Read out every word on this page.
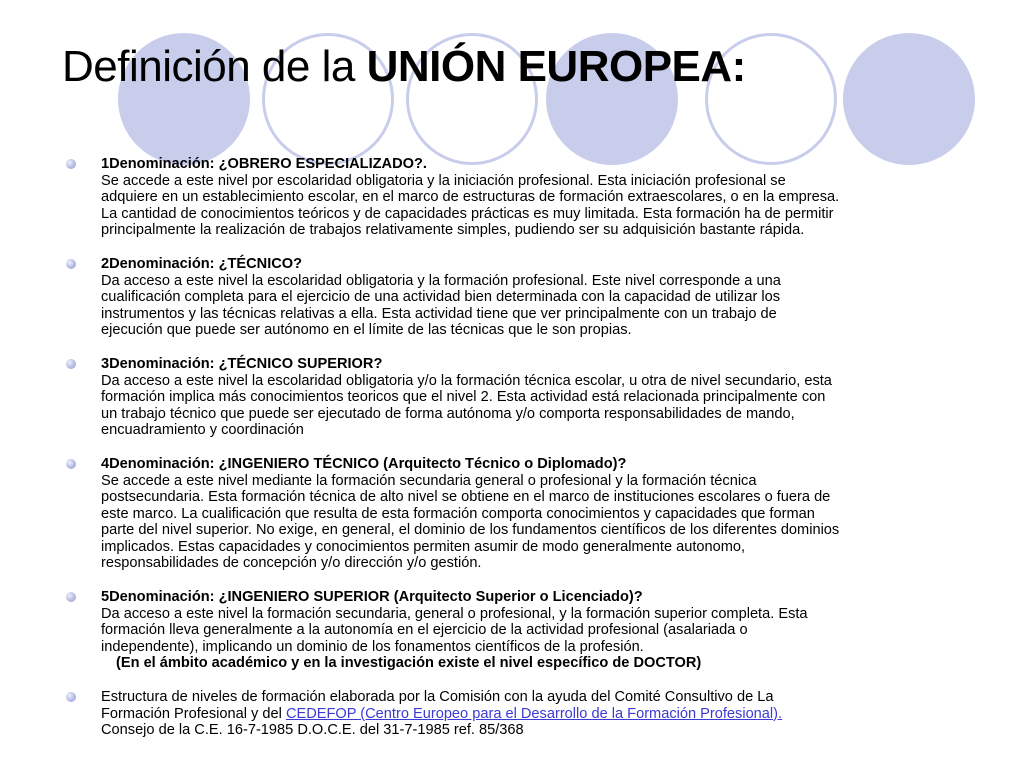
Definición de la UNIÓN EUROPEA:
1Denominación: ¿OBRERO ESPECIALIZADO?.
Se accede a este nivel por escolaridad obligatoria y la iniciación profesional. Esta iniciación profesional se
adquiere en un establecimiento escolar, en el marco de estructuras de formación extraescolares, o en la empresa.
La cantidad de conocimientos teóricos y de capacidades prácticas es muy limitada. Esta formación ha de permitir
principalmente la realización de trabajos relativamente simples, pudiendo ser su adquisición bastante rápida.
2Denominación: ¿TÉCNICO?
Da acceso a este nivel la escolaridad obligatoria y la formación profesional. Este nivel corresponde a una
cualificación completa para el ejercicio de una actividad bien determinada con la capacidad de utilizar los
instrumentos y las técnicas relativas a ella. Esta actividad tiene que ver principalmente con un trabajo de
ejecución que puede ser autónomo en el límite de las técnicas que le son propias.
3Denominación: ¿TÉCNICO SUPERIOR?
Da acceso a este nivel la escolaridad obligatoria y/o la formación técnica escolar, u otra de nivel secundario, esta
formación implica más conocimientos teoricos que el nivel 2. Esta actividad está relacionada principalmente con
un trabajo técnico que puede ser ejecutado de forma autónoma y/o comporta responsabilidades de mando,
encuadramiento y coordinación
4Denominación: ¿INGENIERO TÉCNICO (Arquitecto Técnico o Diplomado)?
Se accede a este nivel mediante la formación secundaria general o profesional y la formación técnica
postsecundaria. Esta formación técnica de alto nivel se obtiene en el marco de instituciones escolares o fuera de
este marco. La cualificación que resulta de esta formación comporta conocimientos y capacidades que forman
parte del nivel superior. No exige, en general, el dominio de los fundamentos científicos de los diferentes dominios
implicados. Estas capacidades y conocimientos permiten asumir de modo generalmente autonomo,
responsabilidades de concepción y/o dirección y/o gestión.
5Denominación: ¿INGENIERO SUPERIOR (Arquitecto Superior o Licenciado)?
Da acceso a este nivel la formación secundaria, general o profesional, y la formación superior completa. Esta
formación lleva generalmente a la autonomía en el ejercicio de la actividad profesional (asalariada o
independente), implicando un dominio de los fonamentos científicos de la profesión.
(En el ámbito académico y en la investigación existe el nivel específico de DOCTOR)
Estructura de niveles de formación elaborada por la Comisión con la ayuda del Comité Consultivo de La
Formación Profesional y del CEDEFOP (Centro Europeo para el Desarrollo de la Formación Profesional).
Consejo de la C.E. 16-7-1985 D.O.C.E. del 31-7-1985 ref. 85/368
